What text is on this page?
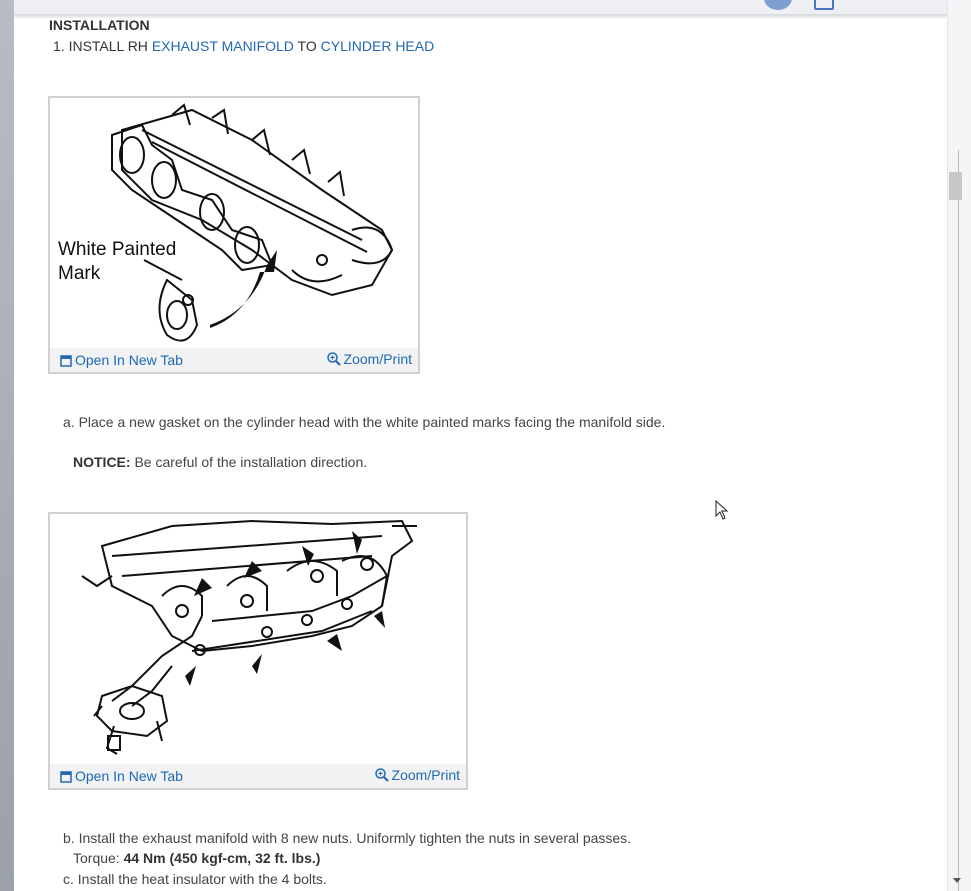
INSTALLATION
1. INSTALL RH EXHAUST MANIFOLD TO CYLINDER HEAD
White Painted
Mark
Open In New Tab	Zoom/Print
a. Place a new gasket on the cylinder head with the white painted marks facing the manifold side.
NOTICE: Be careful of the installation direction.
Open In New Tab	Zoom/Print
b. Install the exhaust manifold with 8 new nuts. Uniformly tighten the nuts in several passes.
Torque: 44 Nm (450 kgf-cm, 32 ft. lbs.)
c. Install the heat insulator with the 4 bolts.
